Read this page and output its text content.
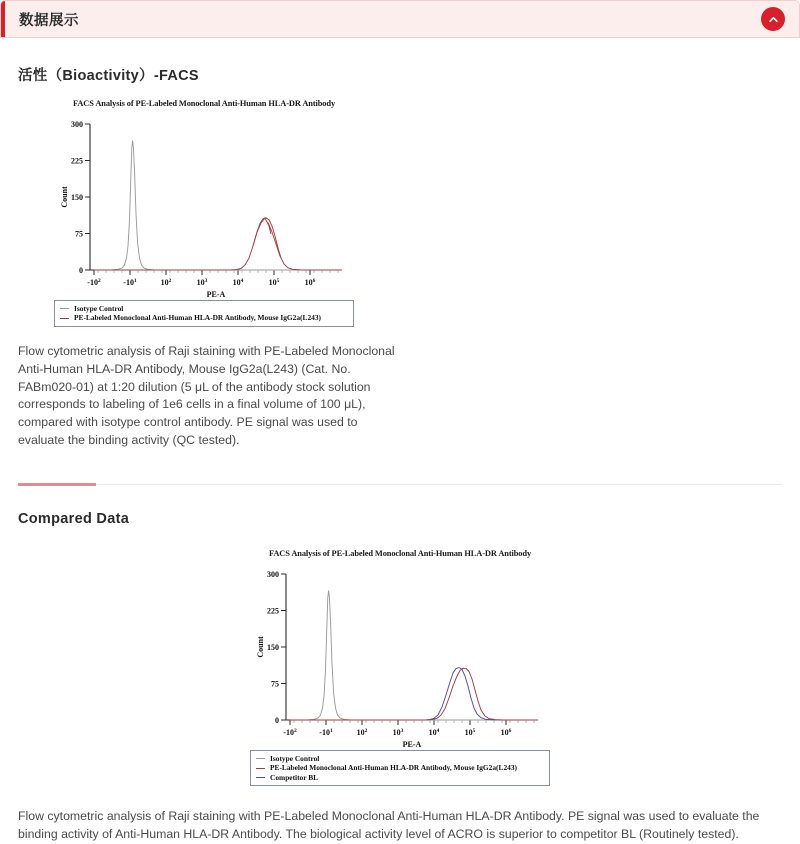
数据展示
活性（Bioactivity）-FACS
FACS Analysis of PE-Labeled Monoclonal Anti-Human HLA-DR Antibody
0
75
150
225
300
Count
$-10^2$	$-10^1$	$10^2$	$10^3$	$10^4$	$10^5$	$10^6$
PE-A
Isotype Control
PE-Labeled Monoclonal Anti-Human HLA-DR Antibody, Mouse IgG2a(L243)

Flow cytometric analysis of Raji staining with PE-Labeled Monoclonal Anti-Human HLA-DR Antibody, Mouse IgG2a(L243) (Cat. No. FABm020-01) at 1:20 dilution (5 μL of the antibody stock solution corresponds to labeling of 1e6 cells in a final volume of 100 μL), compared with isotype control antibody. PE signal was used to evaluate the binding activity (QC tested).

Compared Data
FACS Analysis of PE-Labeled Monoclonal Anti-Human HLA-DR Antibody
0
75
150
225
300
Count
$-10^2$	$-10^1$	$10^2$	$10^3$	$10^4$	$10^5$	$10^6$
PE-A
Isotype Control
PE-Labeled Monoclonal Anti-Human HLA-DR Antibody, Mouse IgG2a(L243)
Competitor BL

Flow cytometric analysis of Raji staining with PE-Labeled Monoclonal Anti-Human HLA-DR Antibody. PE signal was used to evaluate the binding activity of Anti-Human HLA-DR Antibody. The biological activity level of ACRO is superior to competitor BL (Routinely tested).
